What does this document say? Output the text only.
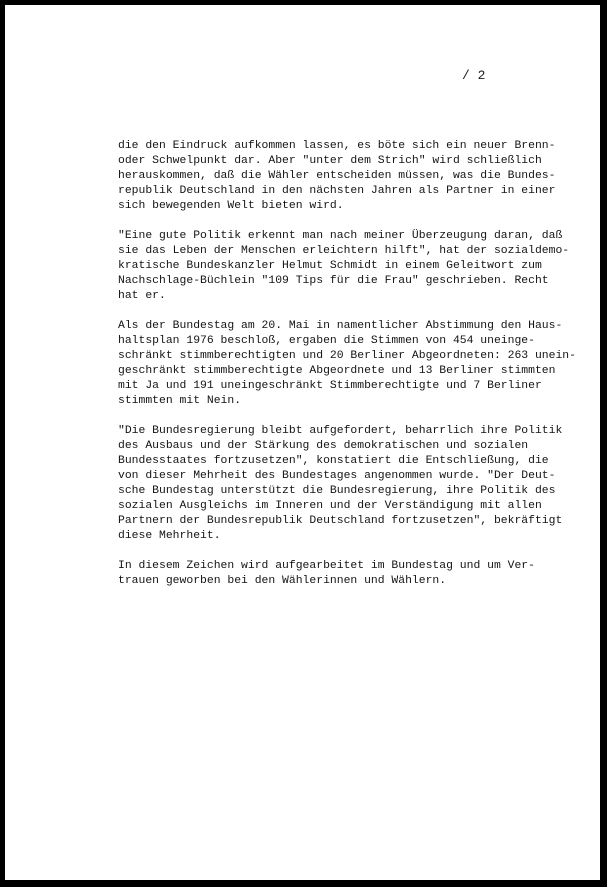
/ 2

die den Eindruck aufkommen lassen, es böte sich ein neuer Brenn-
oder Schwelpunkt dar. Aber "unter dem Strich" wird schließlich
herauskommen, daß die Wähler entscheiden müssen, was die Bundes-
republik Deutschland in den nächsten Jahren als Partner in einer
sich bewegenden Welt bieten wird.

"Eine gute Politik erkennt man nach meiner Überzeugung daran, daß
sie das Leben der Menschen erleichtern hilft", hat der sozialdemo-
kratische Bundeskanzler Helmut Schmidt in einem Geleitwort zum
Nachschlage-Büchlein "109 Tips für die Frau" geschrieben. Recht
hat er.

Als der Bundestag am 20. Mai in namentlicher Abstimmung den Haus-
haltsplan 1976 beschloß, ergaben die Stimmen von 454 uneinge-
schränkt stimmberechtigten und 20 Berliner Abgeordneten: 263 unein-
geschränkt stimmberechtigte Abgeordnete und 13 Berliner stimmten
mit Ja und 191 uneingeschränkt Stimmberechtigte und 7 Berliner
stimmten mit Nein.

"Die Bundesregierung bleibt aufgefordert, beharrlich ihre Politik
des Ausbaus und der Stärkung des demokratischen und sozialen
Bundesstaates fortzusetzen", konstatiert die Entschließung, die
von dieser Mehrheit des Bundestages angenommen wurde. "Der Deut-
sche Bundestag unterstützt die Bundesregierung, ihre Politik des
sozialen Ausgleichs im Inneren und der Verständigung mit allen
Partnern der Bundesrepublik Deutschland fortzusetzen", bekräftigt
diese Mehrheit.

In diesem Zeichen wird aufgearbeitet im Bundestag und um Ver-
trauen geworben bei den Wählerinnen und Wählern.
